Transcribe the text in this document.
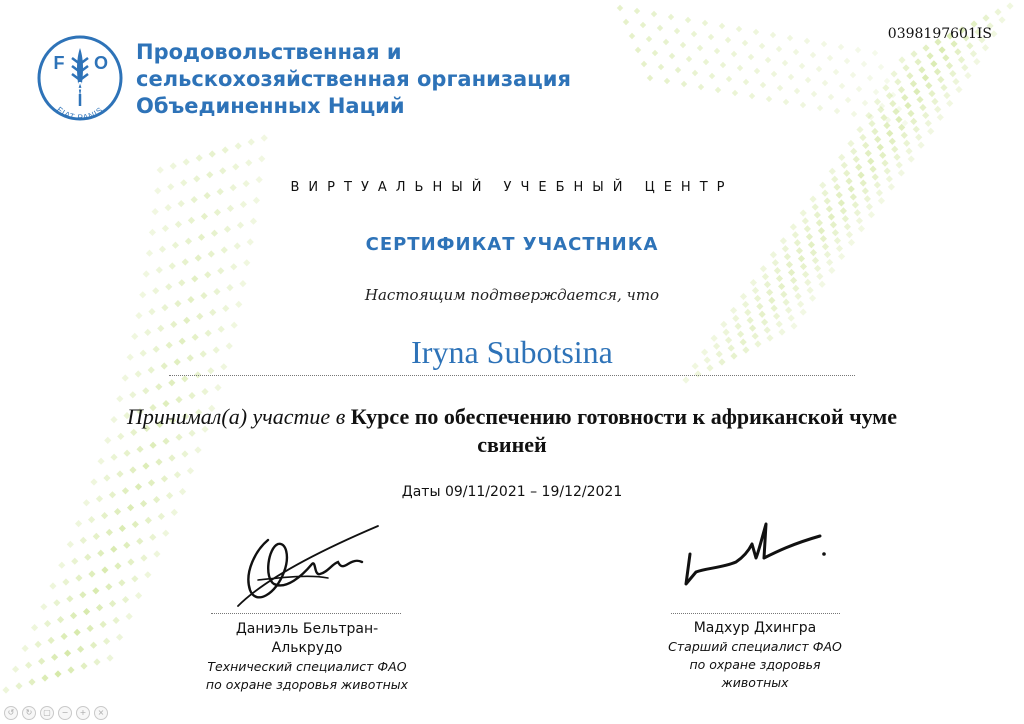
0398197601IS
F O
A
FIAT PANIS
Продовольственная и
сельскохозяйственная организация
Объединенных Наций
ВИРТУАЛЬНЫЙ УЧЕБНЫЙ ЦЕНТР
СЕРТИФИКАТ УЧАСТНИКА
Настоящим подтверждается, что
Iryna Subotsina
Принимал(а) участие в Курсе по обеспечению готовности к африканской чуме свиней
Даты 09/11/2021 – 19/12/2021
Даниэль Бельтран-
Алькрудо
Технический специалист ФАО
по охране здоровья животных
Мадхур Дхингра
Старший специалист ФАО
по охране здоровья
животных
↺	↻	▢	−	+	×
